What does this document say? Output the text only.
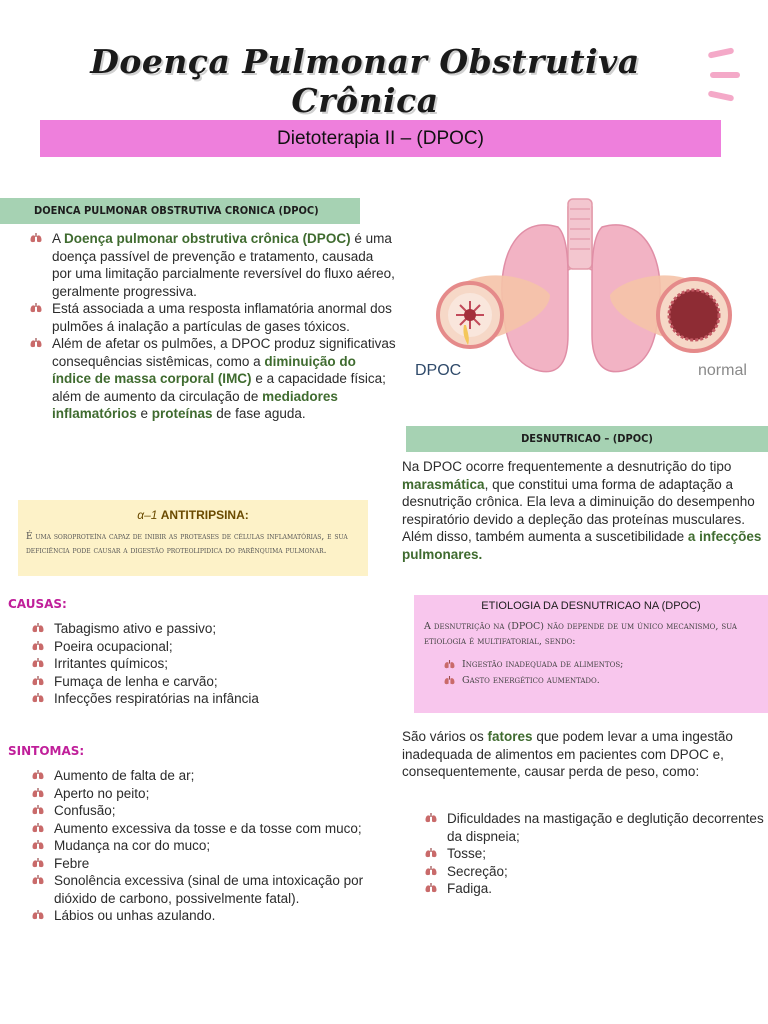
Doença Pulmonar Obstrutiva Crônica
Dietoterapia II – (DPOC)
DOENCA PULMONAR OBSTRUTIVA CRONICA (DPOC)
A Doença pulmonar obstrutiva crônica (DPOC) é uma doença passível de prevenção e tratamento, causada por uma limitação parcialmente reversível do fluxo aéreo, geralmente progressiva.
Está associada a uma resposta inflamatória anormal dos pulmões á inalação a partículas de gases tóxicos.
Além de afetar os pulmões, a DPOC produz significativas consequências sistêmicas, como a diminuição do índice de massa corporal (IMC) e a capacidade física; além de aumento da circulação de mediadores inflamatórios e proteínas de fase aguda.
α–1 ANTITRIPSINA:
É uma soroproteína capaz de inibir as proteases de células inflamatórias, e sua deficiência pode causar a digestão proteolipidica do parênquima pulmonar.
CAUSAS:
Tabagismo ativo e passivo;
Poeira ocupacional;
Irritantes químicos;
Fumaça de lenha e carvão;
Infecções respiratórias na infância
SINTOMAS:
Aumento de falta de ar;
Aperto no peito;
Confusão;
Aumento excessiva da tosse e da tosse com muco;
Mudança na cor do muco;
Febre
Sonolência excessiva (sinal de uma intoxicação por dióxido de carbono, possivelmente fatal).
Lábios ou unhas azulando.
DPOC	normal
DESNUTRICAO – (DPOC)
Na DPOC ocorre frequentemente a desnutrição do tipo marasmática, que constitui uma forma de adaptação a desnutrição crônica. Ela leva a diminuição do desempenho respiratório devido a depleção das proteínas musculares. Além disso, também aumenta a suscetibilidade a infecções pulmonares.
ETIOLOGIA DA DESNUTRICAO NA (DPOC)
A desnutrição na (DPOC) não depende de um único mecanismo, sua etiologia é multifatorial, sendo:
Ingestão inadequada de alimentos;
Gasto energético aumentado.
São vários os fatores que podem levar a uma ingestão inadequada de alimentos em pacientes com DPOC e, consequentemente, causar perda de peso, como:
Dificuldades na mastigação e deglutição decorrentes da dispneia;
Tosse;
Secreção;
Fadiga.
